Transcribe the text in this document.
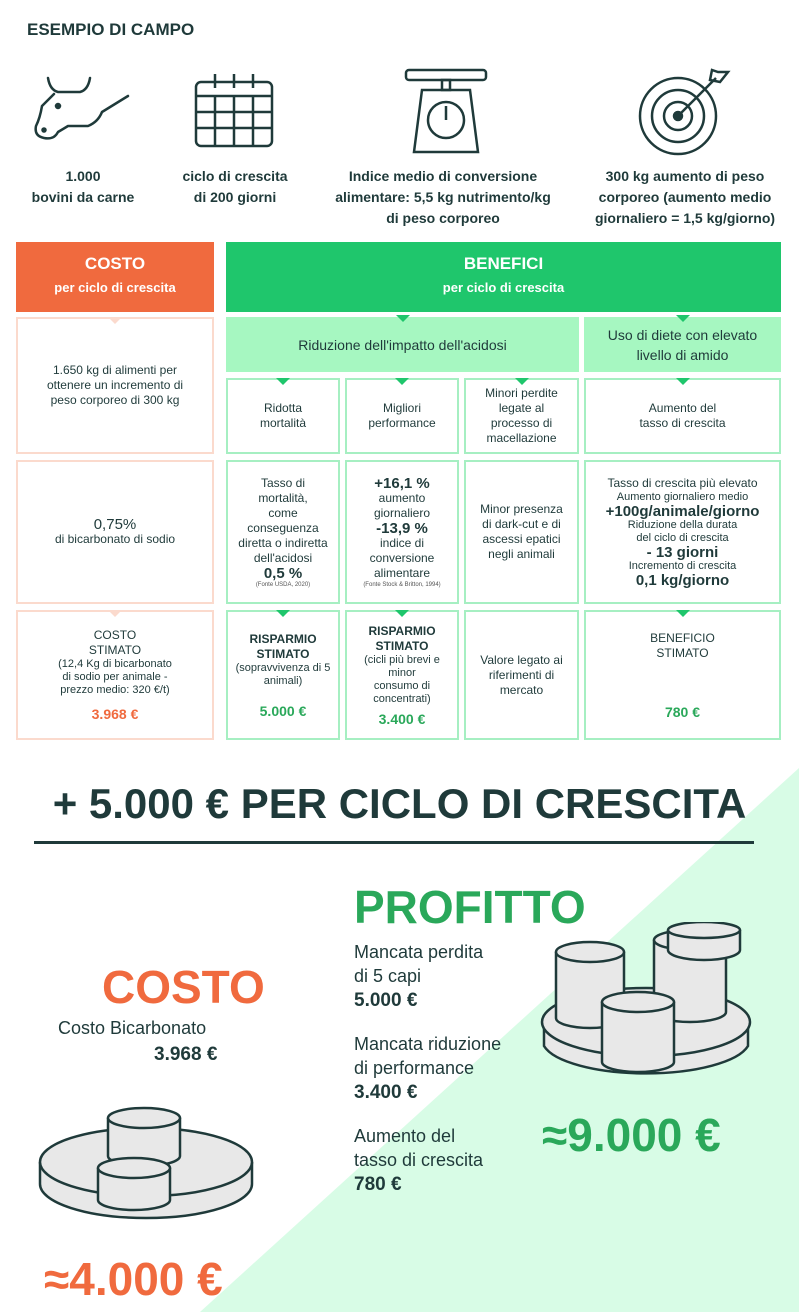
ESEMPIO DI CAMPO
1.000
bovini da carne
ciclo di crescita
di 200 giorni
Indice medio di conversione
alimentare: 5,5 kg nutrimento/kg
di peso corporeo
300 kg aumento di peso
corporeo (aumento medio
giornaliero = 1,5 kg/giorno)
COSTO
per ciclo di crescita
BENEFICI
per ciclo di crescita
1.650 kg di alimenti per
ottenere un incremento di
peso corporeo di 300 kg
0,75%
di bicarbonato di sodio
COSTO
STIMATO
(12,4 Kg di bicarbonato
di sodio per animale -
prezzo medio: 320 €/t)
3.968 €
Riduzione dell'impatto dell'acidosi
Uso di diete con elevato
livello di amido
Ridotta
mortalità
Migliori
performance
Minori perdite
legate al
processo di
macellazione
Aumento del
tasso di crescita
Tasso di
mortalità,
come
conseguenza
diretta o indiretta
dell'acidosi
0,5 %
(Fonte USDA, 2020)
+16,1 %
aumento
giornaliero
-13,9 %
indice di
conversione
alimentare
(Fonte Stock & Britton, 1994)
Minor presenza
di dark-cut e di
ascessi epatici
negli animali
Tasso di crescita più elevato
Aumento giornaliero medio
+100g/animale/giorno
Riduzione della durata
del ciclo di crescita
- 13 giorni
Incremento di crescita
0,1 kg/giorno
RISPARMIO
STIMATO
(sopravvivenza di 5
animali)
5.000 €
RISPARMIO
STIMATO
(cicli più brevi e minor
consumo di
concentrati)
3.400 €
Valore legato ai
riferimenti di
mercato
BENEFICIO
STIMATO
780 €
+ 5.000 € PER CICLO DI CRESCITA
COSTO
Costo Bicarbonato
3.968 €
≈4.000 €
PROFITTO
Mancata perdita
di 5 capi
5.000 €
Mancata riduzione
di performance
3.400 €
Aumento del
tasso di crescita
780 €
≈9.000 €
